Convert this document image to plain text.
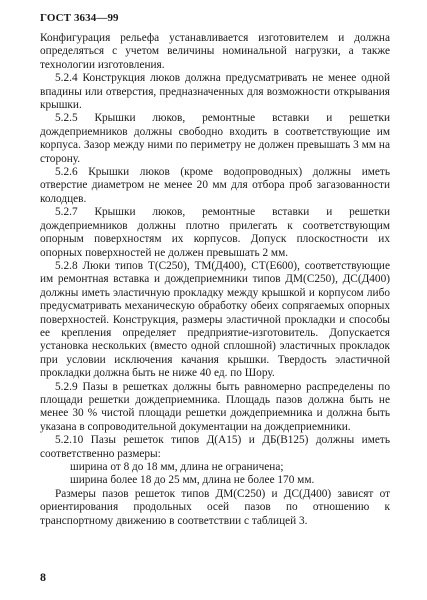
ГОСТ 3634—99

Конфигурация рельефа устанавливается изготовителем и должна определяться с учетом величины номинальной нагрузки, а также технологии изготовления.

5.2.4 Конструкция люков должна предусматривать не менее одной впадины или отверстия, предназначенных для возможности открывания крышки.

5.2.5 Крышки люков, ремонтные вставки и решетки дождеприемников должны свободно входить в соответствующие им корпуса. Зазор между ними по периметру не должен превышать 3 мм на сторону.

5.2.6 Крышки люков (кроме водопроводных) должны иметь отверстие диаметром не менее 20 мм для отбора проб загазованности колодцев.

5.2.7 Крышки люков, ремонтные вставки и решетки дождеприемников должны плотно прилегать к соответствующим опорным поверхностям их корпусов. Допуск плоскостности их опорных поверхностей не должен превышать 2 мм.

5.2.8 Люки типов Т(С250), ТМ(Д400), СТ(Е600), соответствующие им ремонтная вставка и дождеприемники типов ДМ(С250), ДС(Д400) должны иметь эластичную прокладку между крышкой и корпусом либо предусматривать механическую обработку обеих сопрягаемых опорных поверхностей. Конструкция, размеры эластичной прокладки и способы ее крепления определяет предприятие-изготовитель. Допускается установка нескольких (вместо одной сплошной) эластичных прокладок при условии исключения качания крышки. Твердость эластичной прокладки должна быть не ниже 40 ед. по Шору.

5.2.9 Пазы в решетках должны быть равномерно распределены по площади решетки дождеприемника. Площадь пазов должна быть не менее 30 % чистой площади решетки дождеприемника и должна быть указана в сопроводительной документации на дождеприемники.

5.2.10 Пазы решеток типов Д(А15) и ДБ(В125) должны иметь соответственно размеры:

ширина от 8 до 18 мм, длина не ограничена;

ширина более 18 до 25 мм, длина не более 170 мм.

Размеры пазов решеток типов ДМ(С250) и ДС(Д400) зависят от ориентирования продольных осей пазов по отношению к транспортному движению в соответствии с таблицей 3.

8
